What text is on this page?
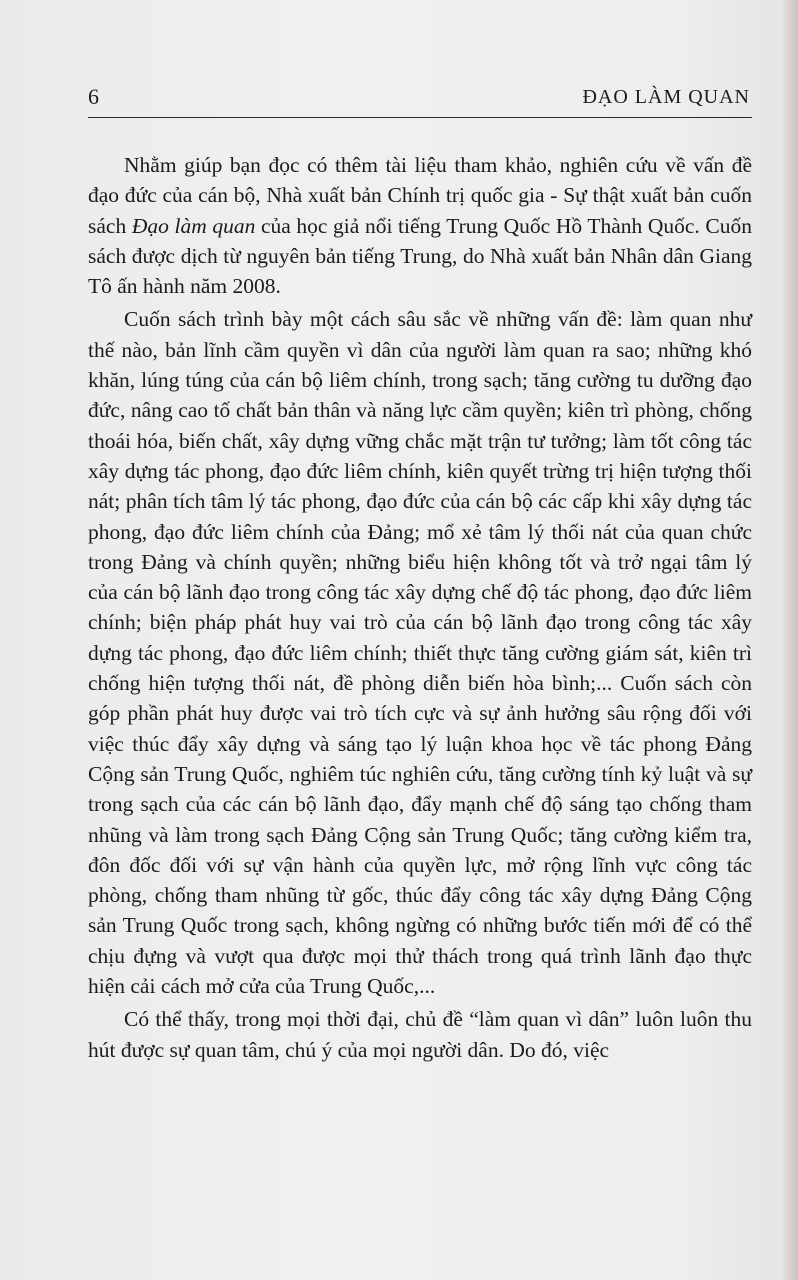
6	ĐẠO LÀM QUAN

Nhằm giúp bạn đọc có thêm tài liệu tham khảo, nghiên cứu về vấn đề đạo đức của cán bộ, Nhà xuất bản Chính trị quốc gia - Sự thật xuất bản cuốn sách Đạo làm quan của học giả nổi tiếng Trung Quốc Hồ Thành Quốc. Cuốn sách được dịch từ nguyên bản tiếng Trung, do Nhà xuất bản Nhân dân Giang Tô ấn hành năm 2008.

Cuốn sách trình bày một cách sâu sắc về những vấn đề: làm quan như thế nào, bản lĩnh cầm quyền vì dân của người làm quan ra sao; những khó khăn, lúng túng của cán bộ liêm chính, trong sạch; tăng cường tu dưỡng đạo đức, nâng cao tố chất bản thân và năng lực cầm quyền; kiên trì phòng, chống thoái hóa, biến chất, xây dựng vững chắc mặt trận tư tưởng; làm tốt công tác xây dựng tác phong, đạo đức liêm chính, kiên quyết trừng trị hiện tượng thối nát; phân tích tâm lý tác phong, đạo đức của cán bộ các cấp khi xây dựng tác phong, đạo đức liêm chính của Đảng; mổ xẻ tâm lý thối nát của quan chức trong Đảng và chính quyền; những biểu hiện không tốt và trở ngại tâm lý của cán bộ lãnh đạo trong công tác xây dựng chế độ tác phong, đạo đức liêm chính; biện pháp phát huy vai trò của cán bộ lãnh đạo trong công tác xây dựng tác phong, đạo đức liêm chính; thiết thực tăng cường giám sát, kiên trì chống hiện tượng thối nát, đề phòng diễn biến hòa bình;... Cuốn sách còn góp phần phát huy được vai trò tích cực và sự ảnh hưởng sâu rộng đối với việc thúc đẩy xây dựng và sáng tạo lý luận khoa học về tác phong Đảng Cộng sản Trung Quốc, nghiêm túc nghiên cứu, tăng cường tính kỷ luật và sự trong sạch của các cán bộ lãnh đạo, đẩy mạnh chế độ sáng tạo chống tham nhũng và làm trong sạch Đảng Cộng sản Trung Quốc; tăng cường kiểm tra, đôn đốc đối với sự vận hành của quyền lực, mở rộng lĩnh vực công tác phòng, chống tham nhũng từ gốc, thúc đẩy công tác xây dựng Đảng Cộng sản Trung Quốc trong sạch, không ngừng có những bước tiến mới để có thể chịu đựng và vượt qua được mọi thử thách trong quá trình lãnh đạo thực hiện cải cách mở cửa của Trung Quốc,...

Có thể thấy, trong mọi thời đại, chủ đề “làm quan vì dân” luôn luôn thu hút được sự quan tâm, chú ý của mọi người dân. Do đó, việc
